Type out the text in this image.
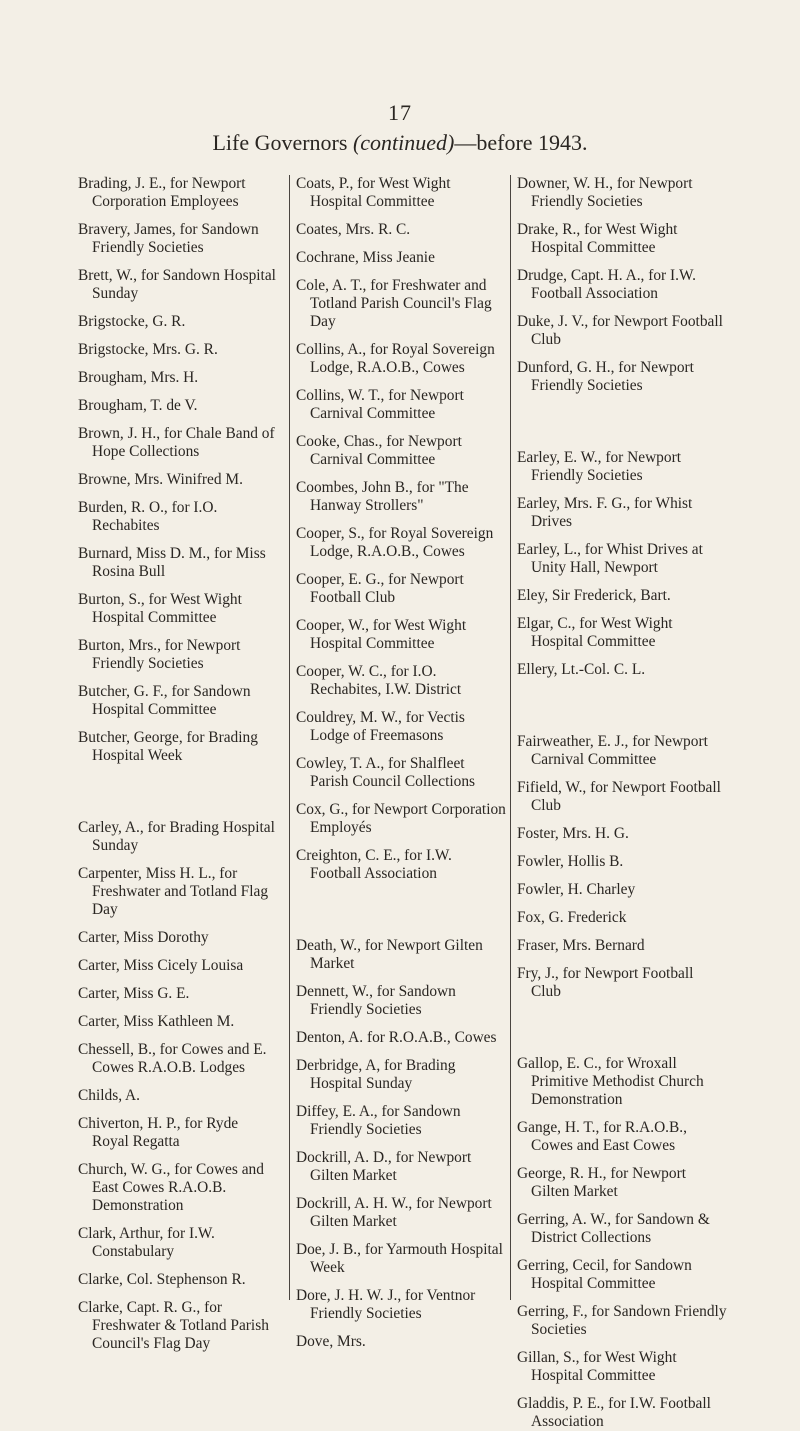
17
Life Governors (continued)—before 1943.
Brading, J. E., for Newport Corporation Employees
Bravery, James, for Sandown Friendly Societies
Brett, W., for Sandown Hospital Sunday
Brigstocke, G. R.
Brigstocke, Mrs. G. R.
Brougham, Mrs. H.
Brougham, T. de V.
Brown, J. H., for Chale Band of Hope Collections
Browne, Mrs. Winifred M.
Burden, R. O., for I.O. Rechabites
Burnard, Miss D. M., for Miss Rosina Bull
Burton, S., for West Wight Hospital Committee
Burton, Mrs., for Newport Friendly Societies
Butcher, G. F., for Sandown Hospital Committee
Butcher, George, for Brading Hospital Week
Carley, A., for Brading Hospital Sunday
Carpenter, Miss H. L., for Freshwater and Totland Flag Day
Carter, Miss Dorothy
Carter, Miss Cicely Louisa
Carter, Miss G. E.
Carter, Miss Kathleen M.
Chessell, B., for Cowes and E. Cowes R.A.O.B. Lodges
Childs, A.
Chiverton, H. P., for Ryde Royal Regatta
Church, W. G., for Cowes and East Cowes R.A.O.B. Demonstration
Clark, Arthur, for I.W. Constabulary
Clarke, Col. Stephenson R.
Clarke, Capt. R. G., for Freshwater & Totland Parish Council's Flag Day
Coats, P., for West Wight Hospital Committee
Coates, Mrs. R. C.
Cochrane, Miss Jeanie
Cole, A. T., for Freshwater and Totland Parish Council's Flag Day
Collins, A., for Royal Sovereign Lodge, R.A.O.B., Cowes
Collins, W. T., for Newport Carnival Committee
Cooke, Chas., for Newport Carnival Committee
Coombes, John B., for "The Hanway Strollers"
Cooper, S., for Royal Sovereign Lodge, R.A.O.B., Cowes
Cooper, E. G., for Newport Football Club
Cooper, W., for West Wight Hospital Committee
Cooper, W. C., for I.O. Rechabites, I.W. District
Couldrey, M. W., for Vectis Lodge of Freemasons
Cowley, T. A., for Shalfleet Parish Council Collections
Cox, G., for Newport Corporation Employés
Creighton, C. E., for I.W. Football Association
Death, W., for Newport Gilten Market
Dennett, W., for Sandown Friendly Societies
Denton, A. for R.O.A.B., Cowes
Derbridge, A, for Brading Hospital Sunday
Diffey, E. A., for Sandown Friendly Societies
Dockrill, A. D., for Newport Gilten Market
Dockrill, A. H. W., for Newport Gilten Market
Doe, J. B., for Yarmouth Hospital Week
Dore, J. H. W. J., for Ventnor Friendly Societies
Dove, Mrs.
Downer, W. H., for Newport Friendly Societies
Drake, R., for West Wight Hospital Committee
Drudge, Capt. H. A., for I.W. Football Association
Duke, J. V., for Newport Football Club
Dunford, G. H., for Newport Friendly Societies
Earley, E. W., for Newport Friendly Societies
Earley, Mrs. F. G., for Whist Drives
Earley, L., for Whist Drives at Unity Hall, Newport
Eley, Sir Frederick, Bart.
Elgar, C., for West Wight Hospital Committee
Ellery, Lt.-Col. C. L.
Fairweather, E. J., for Newport Carnival Committee
Fifield, W., for Newport Football Club
Foster, Mrs. H. G.
Fowler, Hollis B.
Fowler, H. Charley
Fox, G. Frederick
Fraser, Mrs. Bernard
Fry, J., for Newport Football Club
Gallop, E. C., for Wroxall Primitive Methodist Church Demonstration
Gange, H. T., for R.A.O.B., Cowes and East Cowes
George, R. H., for Newport Gilten Market
Gerring, A. W., for Sandown & District Collections
Gerring, Cecil, for Sandown Hospital Committee
Gerring, F., for Sandown Friendly Societies
Gillan, S., for West Wight Hospital Committee
Gladdis, P. E., for I.W. Football Association
